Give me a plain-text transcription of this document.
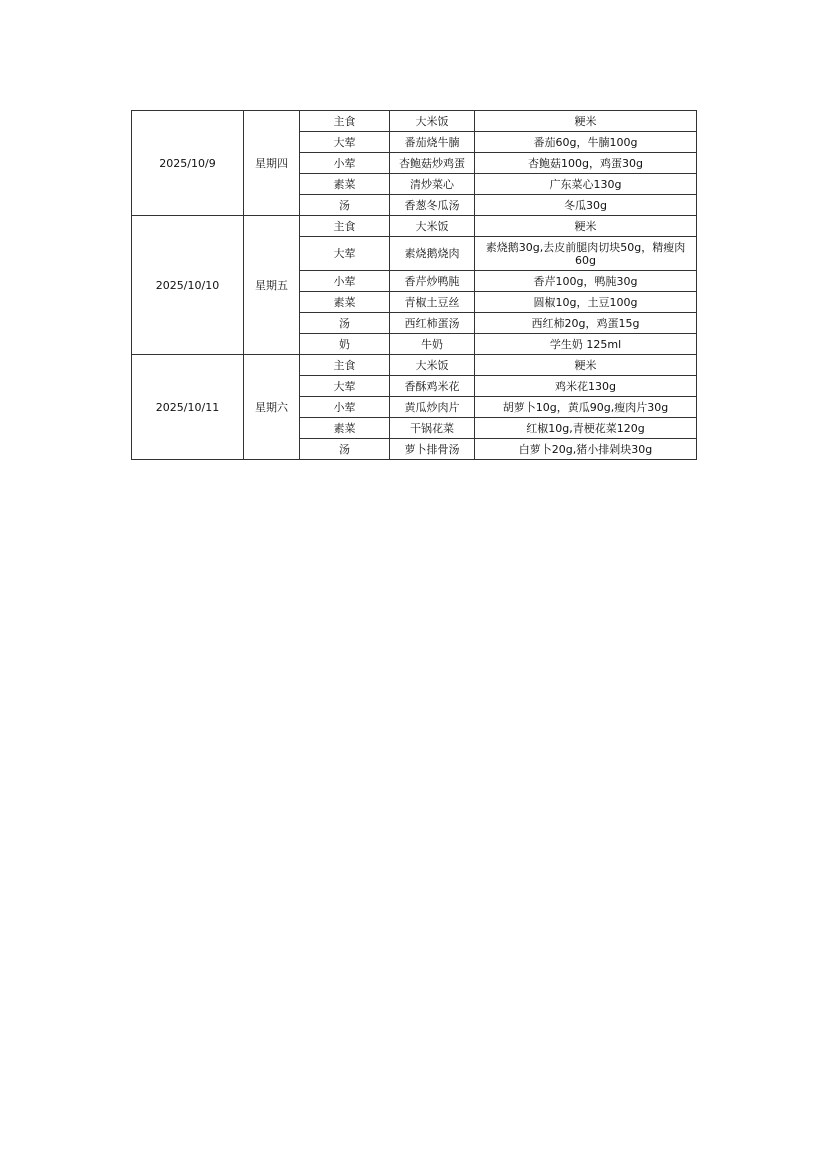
2025/10/9	星期四	主食	大米饭	粳米
		大荤	番茄烧牛腩	番茄60g，牛腩100g
		小荤	杏鲍菇炒鸡蛋	杏鲍菇100g，鸡蛋30g
		素菜	清炒菜心	广东菜心130g
		汤	香葱冬瓜汤	冬瓜30g
2025/10/10	星期五	主食	大米饭	粳米
		大荤	素烧鹅烧肉	素烧鹅30g,去皮前腿肉切块50g，精瘦肉60g
		小荤	香芹炒鸭肫	香芹100g，鸭肫30g
		素菜	青椒土豆丝	圆椒10g，土豆100g
		汤	西红柿蛋汤	西红柿20g，鸡蛋15g
		奶	牛奶	学生奶 125ml
2025/10/11	星期六	主食	大米饭	粳米
		大荤	香酥鸡米花	鸡米花130g
		小荤	黄瓜炒肉片	胡萝卜10g，黄瓜90g,瘦肉片30g
		素菜	干锅花菜	红椒10g,青梗花菜120g
		汤	萝卜排骨汤	白萝卜20g,猪小排剁块30g
